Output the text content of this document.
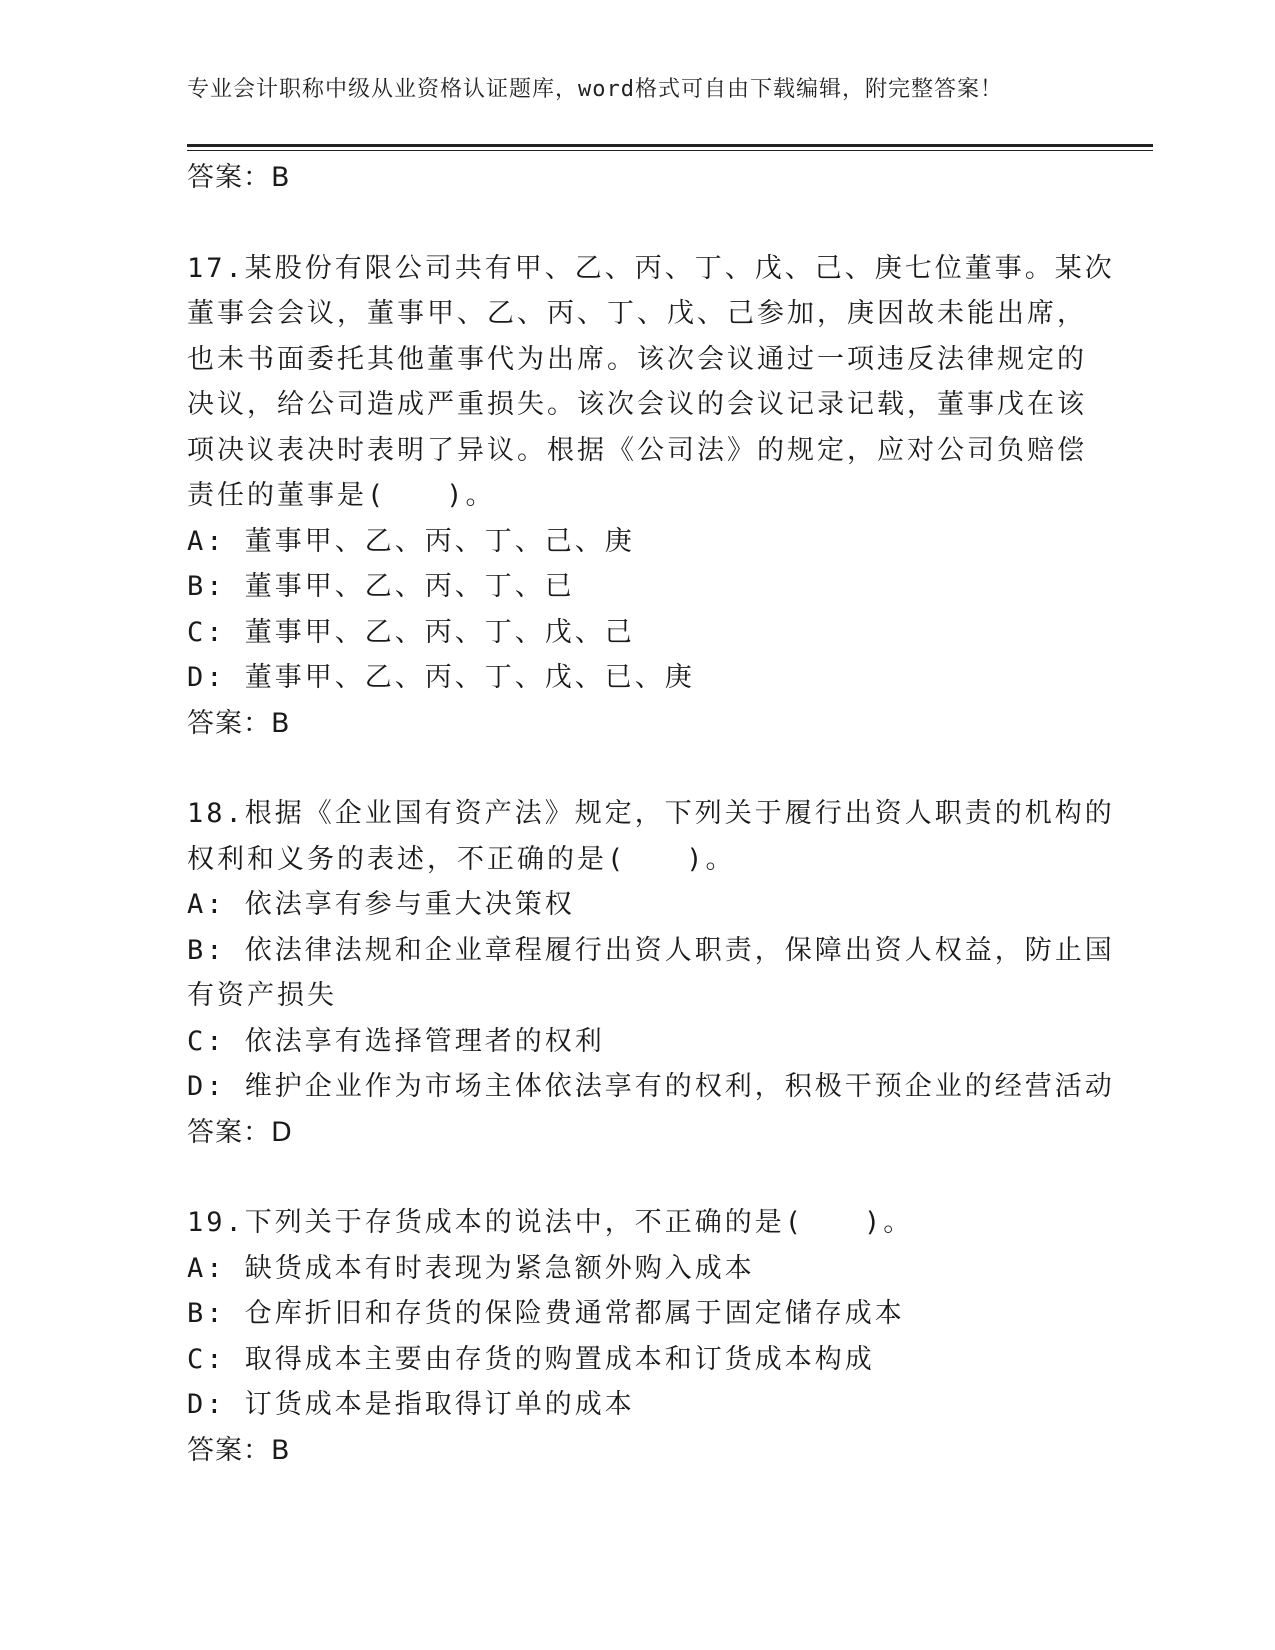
专业会计职称中级从业资格认证题库，word格式可自由下载编辑，附完整答案！
答案：B
17.某股份有限公司共有甲、乙、丙、丁、戊、己、庚七位董事。某次
董事会会议，董事甲、乙、丙、丁、戊、己参加，庚因故未能出席，
也未书面委托其他董事代为出席。该次会议通过一项违反法律规定的
决议，给公司造成严重损失。该次会议的会议记录记载，董事戊在该
项决议表决时表明了异议。根据《公司法》的规定，应对公司负赔偿
责任的董事是(　　)。
A: 董事甲、乙、丙、丁、己、庚
B: 董事甲、乙、丙、丁、已
C: 董事甲、乙、丙、丁、戊、己
D: 董事甲、乙、丙、丁、戊、已、庚
答案：B
18.根据《企业国有资产法》规定，下列关于履行出资人职责的机构的
权利和义务的表述，不正确的是(　　)。
A: 依法享有参与重大决策权
B: 依法律法规和企业章程履行出资人职责，保障出资人权益，防止国
有资产损失
C: 依法享有选择管理者的权利
D: 维护企业作为市场主体依法享有的权利，积极干预企业的经营活动
答案：D
19.下列关于存货成本的说法中，不正确的是(　　)。
A: 缺货成本有时表现为紧急额外购入成本
B: 仓库折旧和存货的保险费通常都属于固定储存成本
C: 取得成本主要由存货的购置成本和订货成本构成
D: 订货成本是指取得订单的成本
答案：B
